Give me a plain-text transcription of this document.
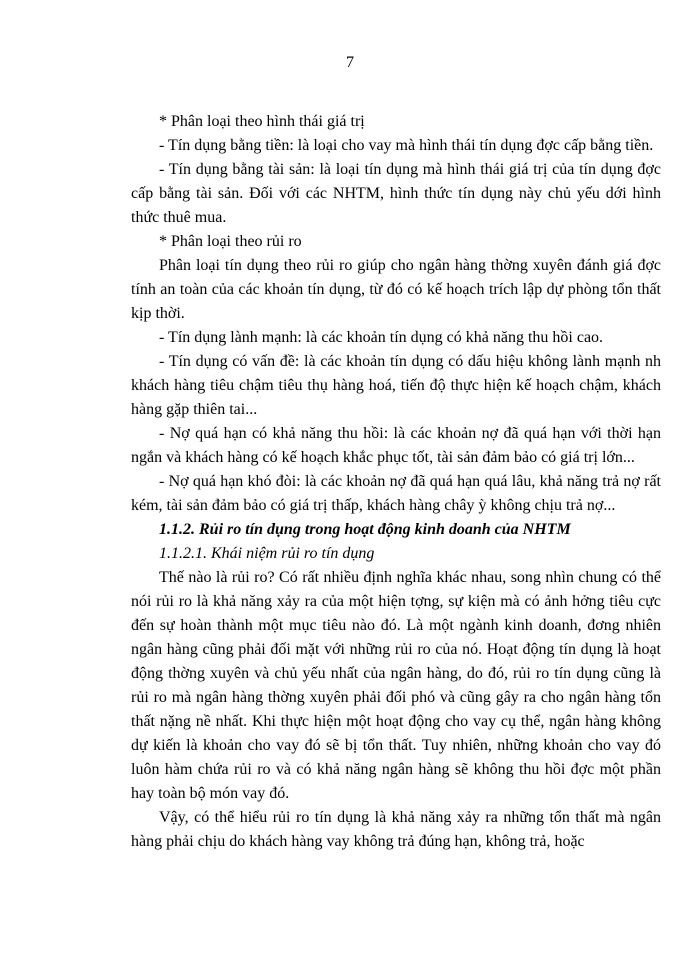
7

* Phân loại theo hình thái giá trị

- Tín dụng bằng tiền: là loại cho vay mà hình thái tín dụng đợc cấp bằng tiền.

- Tín dụng bằng tài sản: là loại tín dụng mà hình thái giá trị của tín dụng đợc cấp bằng tài sản. Đối với các NHTM, hình thức tín dụng này chủ yếu dới hình thức thuê mua.

* Phân loại theo rủi ro

Phân loại tín dụng theo rủi ro giúp cho ngân hàng thờng xuyên đánh giá đợc tính an toàn của các khoản tín dụng, từ đó có kế hoạch trích lập dự phòng tổn thất kịp thời.

- Tín dụng lành mạnh: là các khoản tín dụng có khả năng thu hồi cao.

- Tín dụng có vấn đề: là các khoản tín dụng có dấu hiệu không lành mạnh nh khách hàng tiêu chậm tiêu thụ hàng hoá, tiến độ thực hiện kế hoạch chậm, khách hàng gặp thiên tai...

- Nợ quá hạn có khả năng thu hồi: là các khoản nợ đã quá hạn với thời hạn ngắn và khách hàng có kế hoạch khắc phục tốt, tài sản đảm bảo có giá trị lớn...

- Nợ quá hạn khó đòi: là các khoản nợ đã quá hạn quá lâu, khả năng trả nợ rất kém, tài sản đảm bảo có giá trị thấp, khách hàng chây ỳ không chịu trả nợ...

1.1.2. Rủi ro tín dụng trong hoạt động kinh doanh của NHTM

1.1.2.1. Khái niệm rủi ro tín dụng

Thế nào là rủi ro? Có rất nhiều định nghĩa khác nhau, song nhìn chung có thể nói rủi ro là khả năng xảy ra của một hiện tợng, sự kiện mà có ảnh hởng tiêu cực đến sự hoàn thành một mục tiêu nào đó. Là một ngành kinh doanh, đơng nhiên ngân hàng cũng phải đối mặt với những rủi ro của nó. Hoạt động tín dụng là hoạt động thờng xuyên và chủ yếu nhất của ngân hàng, do đó, rủi ro tín dụng cũng là rủi ro mà ngân hàng thờng xuyên phải đối phó và cũng gây ra cho ngân hàng tổn thất nặng nề nhất. Khi thực hiện một hoạt động cho vay cụ thể, ngân hàng không dự kiến là khoản cho vay đó sẽ bị tổn thất. Tuy nhiên, những khoản cho vay đó luôn hàm chứa rủi ro và có khả năng ngân hàng sẽ không thu hồi đợc một phần hay toàn bộ món vay đó.

Vậy, có thể hiểu rủi ro tín dụng là khả năng xảy ra những tổn thất mà ngân hàng phải chịu do khách hàng vay không trả đúng hạn, không trả, hoặc
